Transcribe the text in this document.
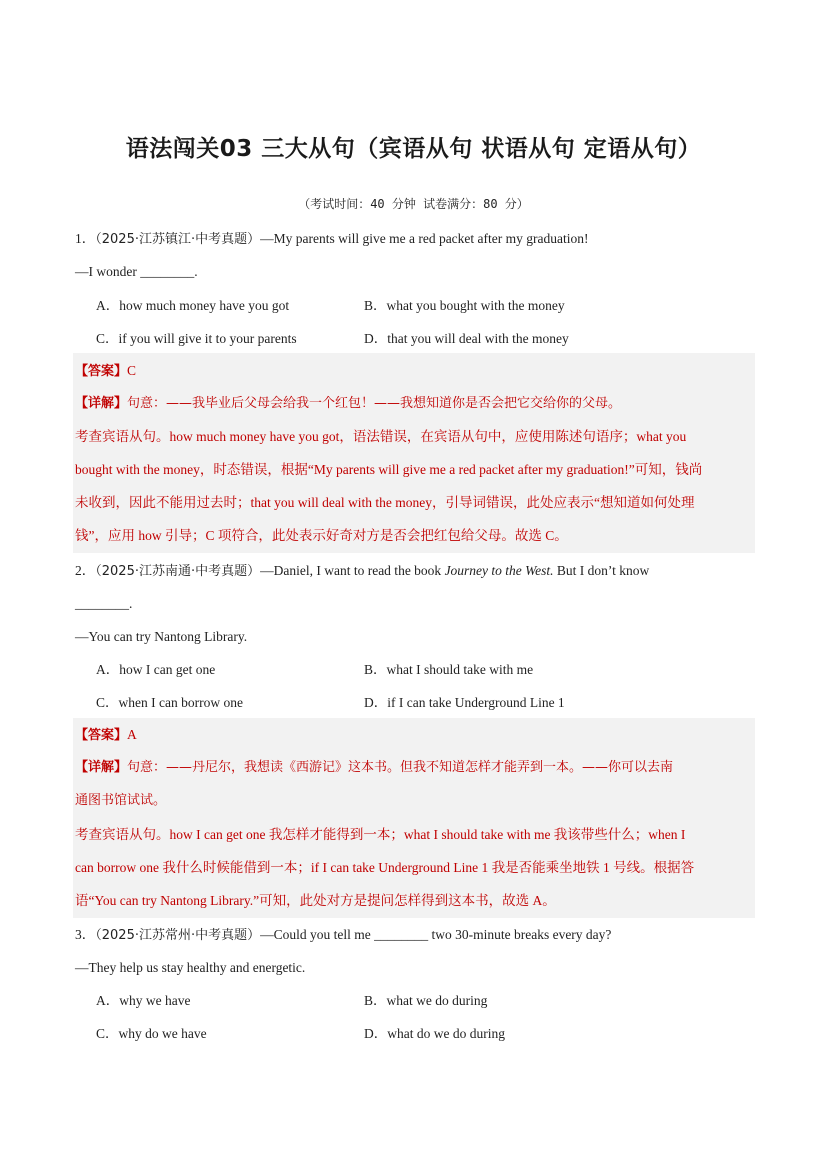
语法闯关03 三大从句（宾语从句 状语从句 定语从句）
（考试时间：40 分钟 试卷满分：80 分）
1．（2025·江苏镇江·中考真题）—My parents will give me a red packet after my graduation!
—I wonder ________.
A．how much money have you got	B．what you bought with the money
C．if you will give it to your parents	D．that you will deal with the money
【答案】C
【详解】句意：——我毕业后父母会给我一个红包！——我想知道你是否会把它交给你的父母。
考查宾语从句。how much money have you got，语法错误，在宾语从句中，应使用陈述句语序；what you
bought with the money，时态错误，根据“My parents will give me a red packet after my graduation!”可知，钱尚
未收到，因此不能用过去时；that you will deal with the money，引导词错误，此处应表示“想知道如何处理
钱”，应用 how 引导；C 项符合，此处表示好奇对方是否会把红包给父母。故选 C。
2．（2025·江苏南通·中考真题）—Daniel, I want to read the book Journey to the West. But I don’t know
________.
—You can try Nantong Library.
A．how I can get one	B．what I should take with me
C．when I can borrow one	D．if I can take Underground Line 1
【答案】A
【详解】句意：——丹尼尔，我想读《西游记》这本书。但我不知道怎样才能弄到一本。——你可以去南
通图书馆试试。
考查宾语从句。how I can get one 我怎样才能得到一本；what I should take with me 我该带些什么；when I
can borrow one 我什么时候能借到一本；if I can take Underground Line 1 我是否能乘坐地铁 1 号线。根据答
语“You can try Nantong Library.”可知，此处对方是提问怎样得到这本书，故选 A。
3．（2025·江苏常州·中考真题）—Could you tell me ________ two 30-minute breaks every day?
—They help us stay healthy and energetic.
A．why we have	B．what we do during
C．why do we have	D．what do we do during
